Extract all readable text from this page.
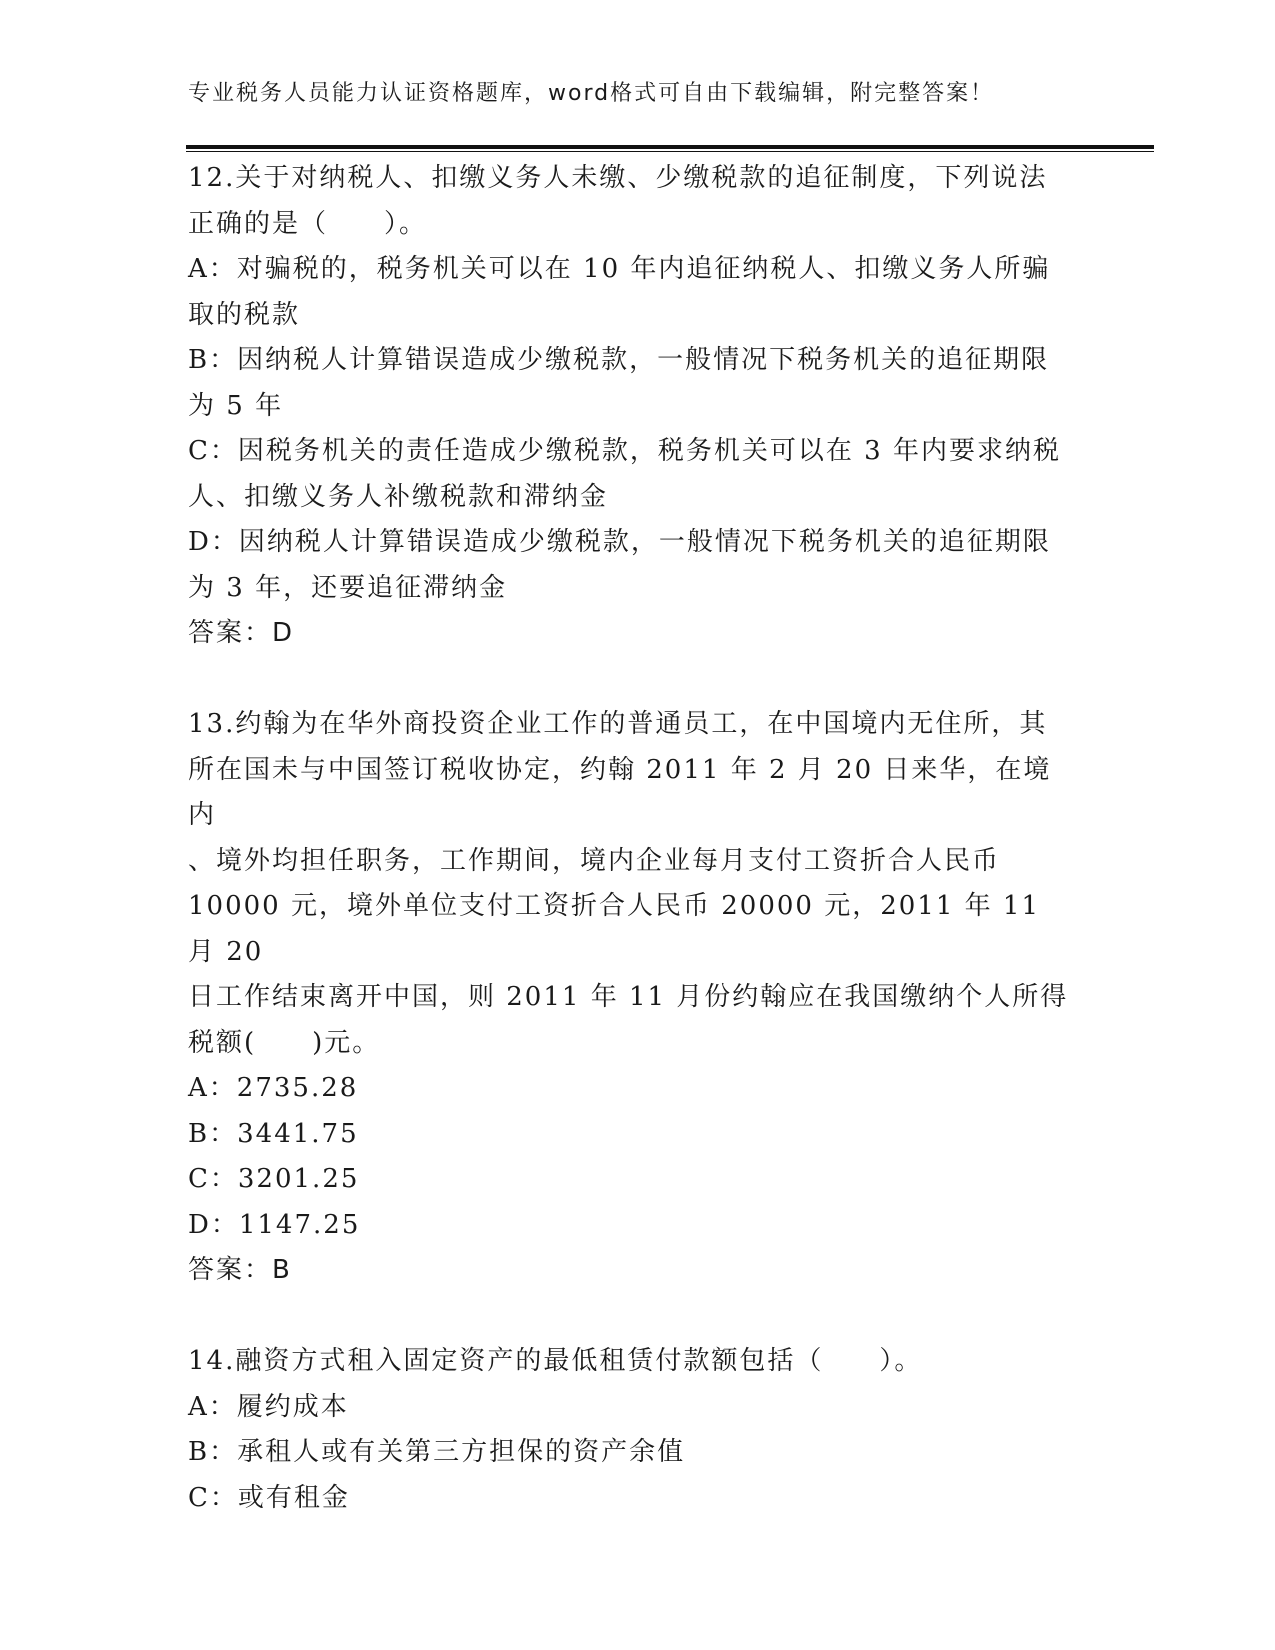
专业税务人员能力认证资格题库，word格式可自由下载编辑，附完整答案！

12.关于对纳税人、扣缴义务人未缴、少缴税款的追征制度，下列说法

正确的是（　　）。

A：对骗税的，税务机关可以在 10 年内追征纳税人、扣缴义务人所骗

取的税款

B：因纳税人计算错误造成少缴税款，一般情况下税务机关的追征期限

为 5 年

C：因税务机关的责任造成少缴税款，税务机关可以在 3 年内要求纳税

人、扣缴义务人补缴税款和滞纳金

D：因纳税人计算错误造成少缴税款，一般情况下税务机关的追征期限

为 3 年，还要追征滞纳金

答案：D

13.约翰为在华外商投资企业工作的普通员工，在中国境内无住所，其

所在国未与中国签订税收协定，约翰 2011 年 2 月 20 日来华，在境内

、境外均担任职务，工作期间，境内企业每月支付工资折合人民币

10000 元，境外单位支付工资折合人民币 20000 元，2011 年 11 月 20

日工作结束离开中国，则 2011 年 11 月份约翰应在我国缴纳个人所得

税额(　　)元。

A：2735.28

B：3441.75

C：3201.25

D：1147.25

答案：B

14.融资方式租入固定资产的最低租赁付款额包括（　　）。

A：履约成本

B：承租人或有关第三方担保的资产余值

C：或有租金
